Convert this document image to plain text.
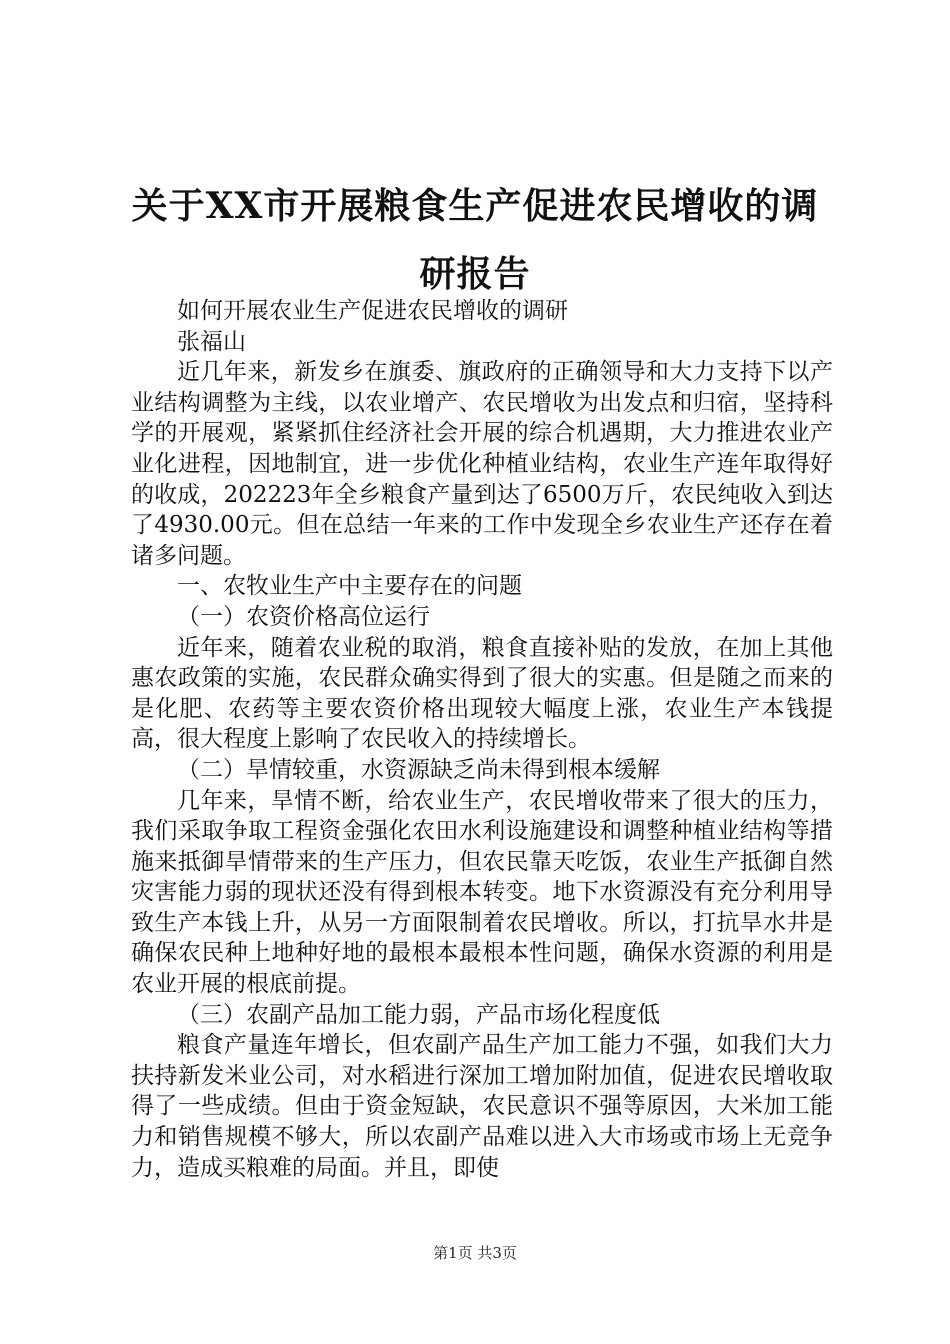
关于XX市开展粮食生产促进农民增收的调研报告

如何开展农业生产促进农民增收的调研

张福山

近几年来，新发乡在旗委、旗政府的正确领导和大力支持下以产业结构调整为主线，以农业增产、农民增收为出发点和归宿，坚持科学的开展观，紧紧抓住经济社会开展的综合机遇期，大力推进农业产业化进程，因地制宜，进一步优化种植业结构，农业生产连年取得好的收成，202223年全乡粮食产量到达了6500万斤，农民纯收入到达了4930.00元。但在总结一年来的工作中发现全乡农业生产还存在着诸多问题。

一、农牧业生产中主要存在的问题

（一）农资价格高位运行

近年来，随着农业税的取消，粮食直接补贴的发放，在加上其他惠农政策的实施，农民群众确实得到了很大的实惠。但是随之而来的是化肥、农药等主要农资价格出现较大幅度上涨，农业生产本钱提高，很大程度上影响了农民收入的持续增长。

（二）旱情较重，水资源缺乏尚未得到根本缓解

几年来，旱情不断，给农业生产，农民增收带来了很大的压力，我们采取争取工程资金强化农田水利设施建设和调整种植业结构等措施来抵御旱情带来的生产压力，但农民靠天吃饭，农业生产抵御自然灾害能力弱的现状还没有得到根本转变。地下水资源没有充分利用导致生产本钱上升，从另一方面限制着农民增收。所以，打抗旱水井是确保农民种上地种好地的最根本最根本性问题，确保水资源的利用是农业开展的根底前提。

（三）农副产品加工能力弱，产品市场化程度低

粮食产量连年增长，但农副产品生产加工能力不强，如我们大力扶持新发米业公司，对水稻进行深加工增加附加值，促进农民增收取得了一些成绩。但由于资金短缺，农民意识不强等原因，大米加工能力和销售规模不够大，所以农副产品难以进入大市场或市场上无竞争力，造成买粮难的局面。并且，即使

第1页 共3页
